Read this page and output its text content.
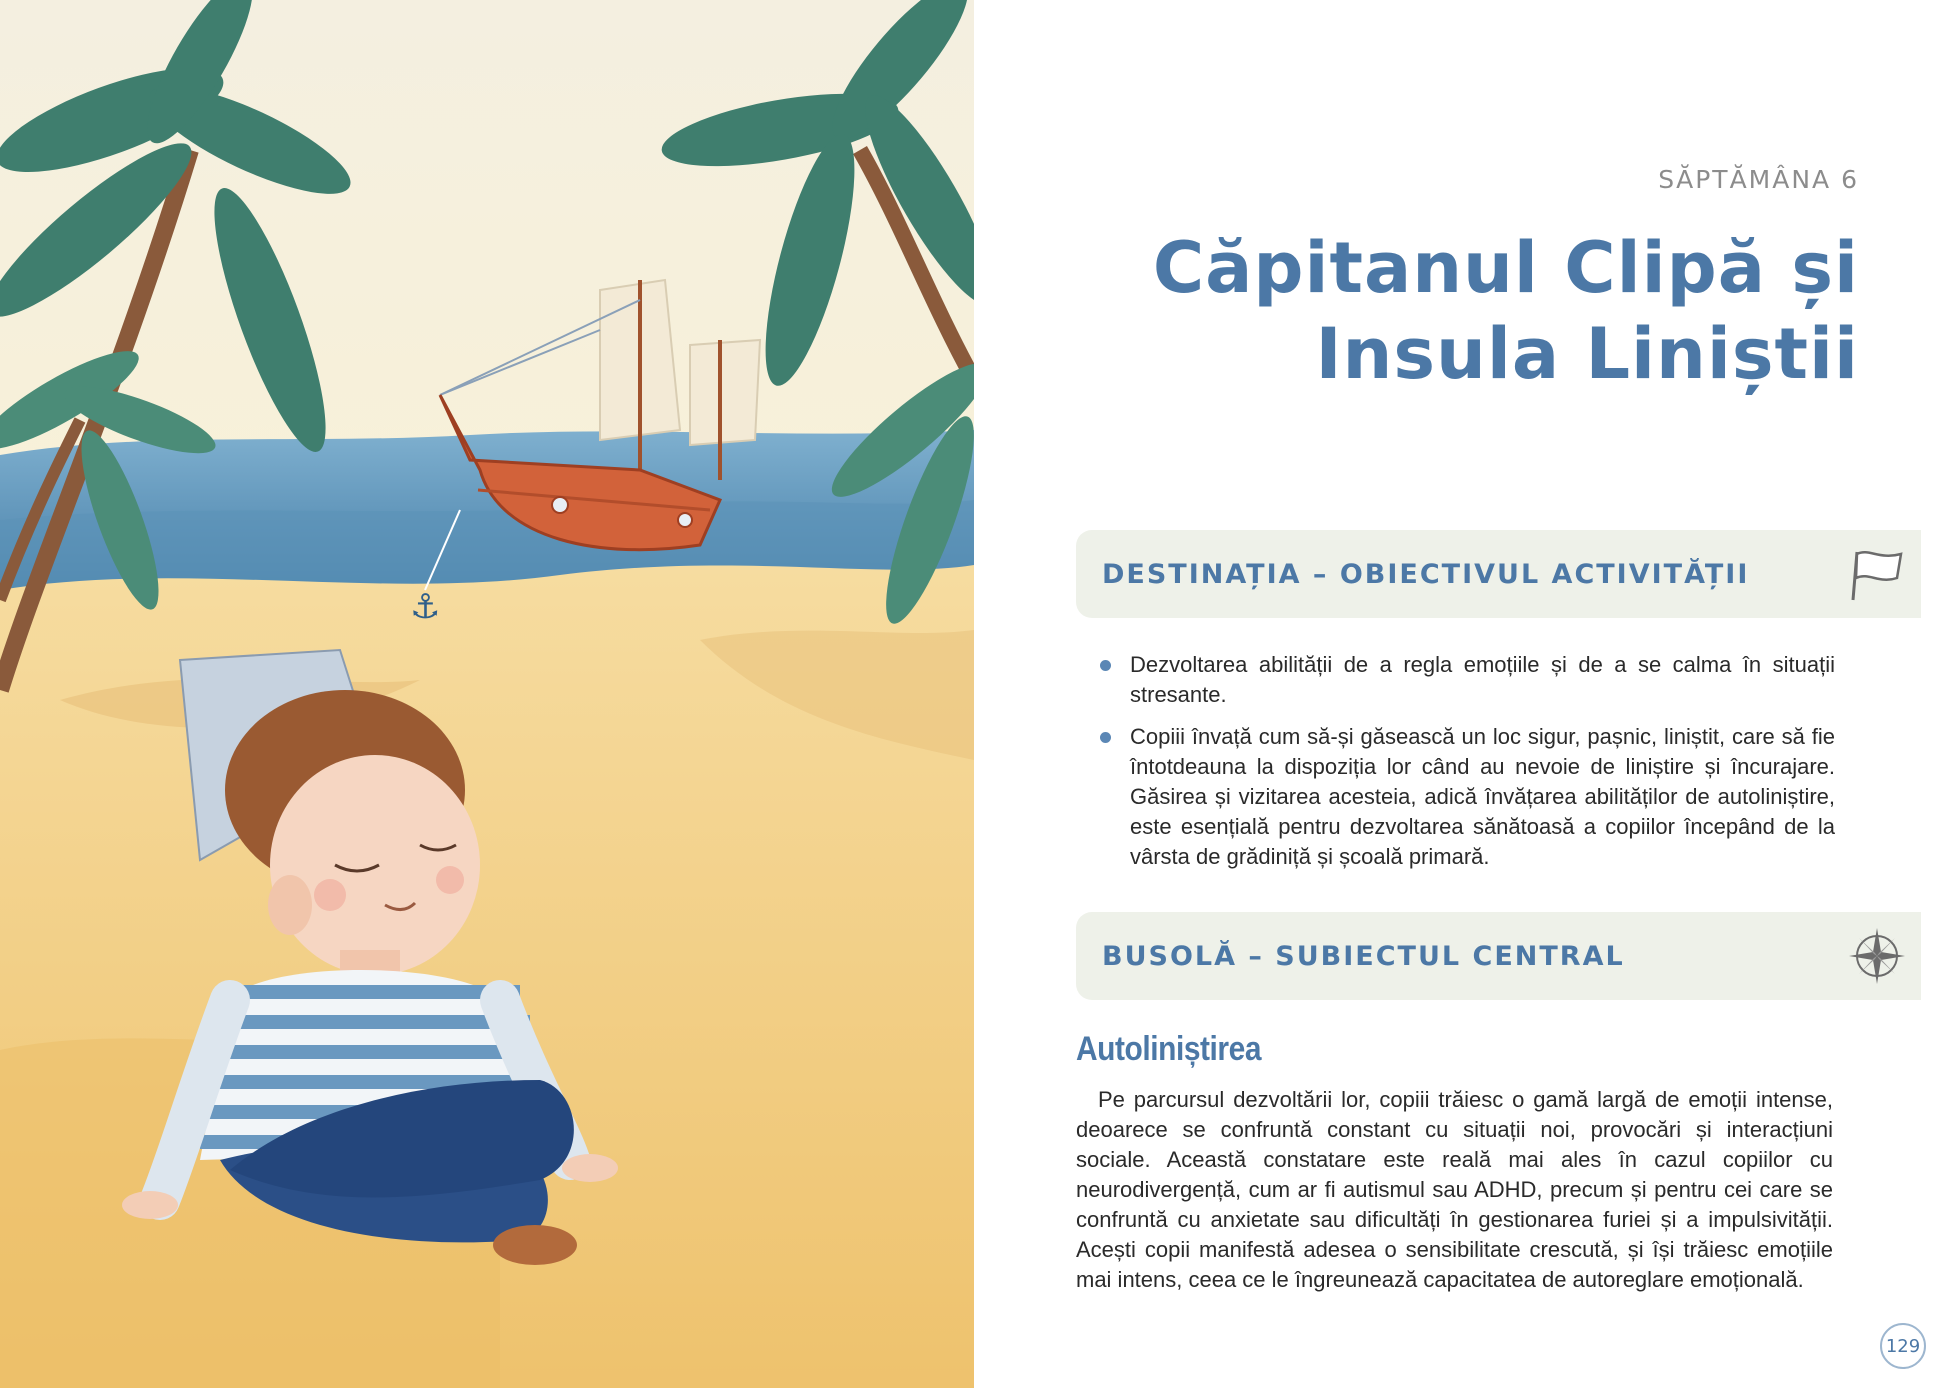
⚓
SĂPTĂMÂNA 6
Căpitanul Clipă și
Insula Liniștii
DESTINAȚIA – OBIECTIVUL ACTIVITĂȚII
Dezvoltarea abilității de a regla emoțiile și de a se calma în situații stresante.
Copiii învață cum să-și găsească un loc sigur, pașnic, liniștit, care să fie întotdeauna la dispoziția lor când au nevoie de liniștire și încurajare. Găsirea și vizitarea acesteia, adică învățarea abilităților de autoliniștire, este esențială pentru dezvoltarea sănătoasă a copiilor începând de la vârsta de grădiniță și școală primară.
BUSOLĂ – SUBIECTUL CENTRAL
Autoliniștirea

Pe parcursul dezvoltării lor, copiii trăiesc o gamă largă de emoții intense, deoarece se confruntă constant cu situații noi, provocări și interacțiuni sociale. Această constatare este reală mai ales în cazul copiilor cu neurodivergență, cum ar fi autismul sau ADHD, precum și pentru cei care se confruntă cu anxietate sau dificultăți în gestionarea furiei și a impulsivității. Acești copii manifestă adesea o sensibilitate crescută, și își trăiesc emoțiile mai intens, ceea ce le îngreunează capacitatea de autoreglare emoțională.

129
